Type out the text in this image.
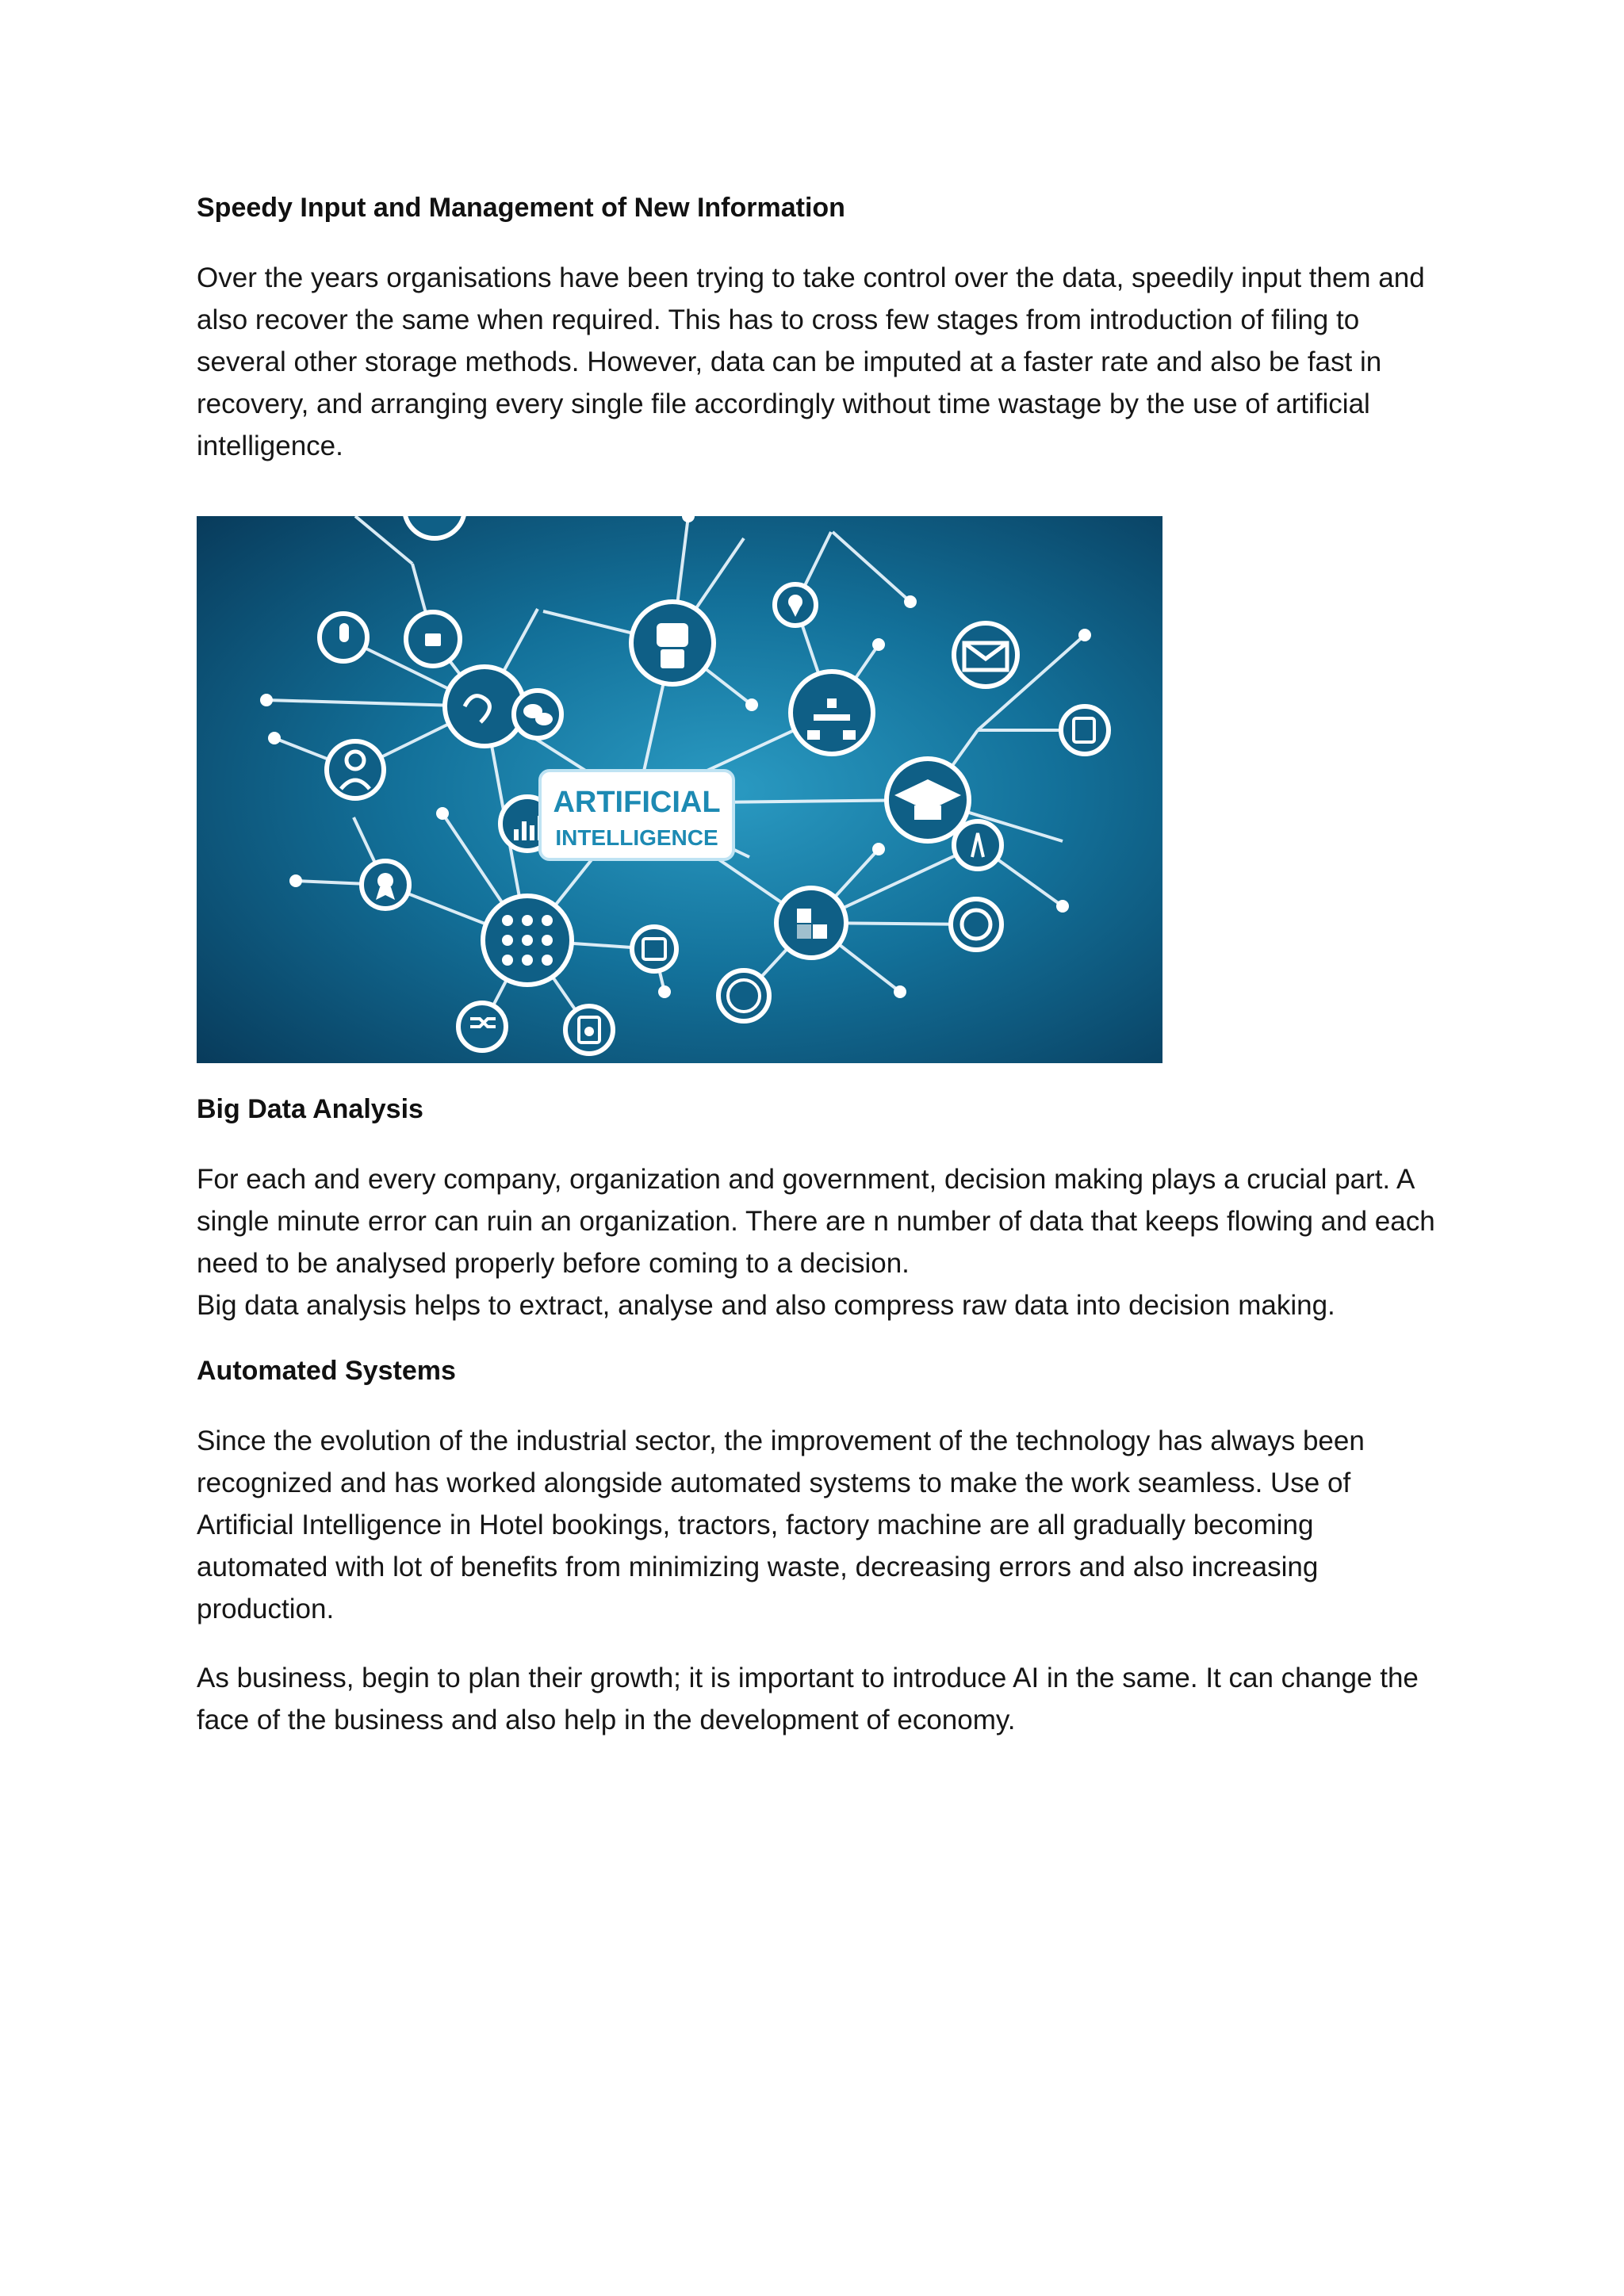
Speedy Input and Management of New Information

Over the years organisations have been trying to take control over the data, speedily input them and also recover the same when required. This has to cross few stages from introduction of filing to several other storage methods. However, data can be imputed at a faster rate and also be fast in recovery, and arranging every single file accordingly without time wastage by the use of artificial intelligence.

ARTIFICIAL
INTELLIGENCE
Big Data Analysis

For each and every company, organization and government, decision making plays a crucial part. A single minute error can ruin an organization. There are n number of data that keeps flowing and each need to be analysed properly before coming to a decision.

Big data analysis helps to extract, analyse and also compress raw data into decision making.

Automated Systems

Since the evolution of the industrial sector, the improvement of the technology has always been recognized and has worked alongside automated systems to make the work seamless. Use of Artificial Intelligence in Hotel bookings, tractors, factory machine are all gradually becoming automated with lot of benefits from minimizing waste, decreasing errors and also increasing production.

As business, begin to plan their growth; it is important to introduce AI in the same. It can change the face of the business and also help in the development of economy.
